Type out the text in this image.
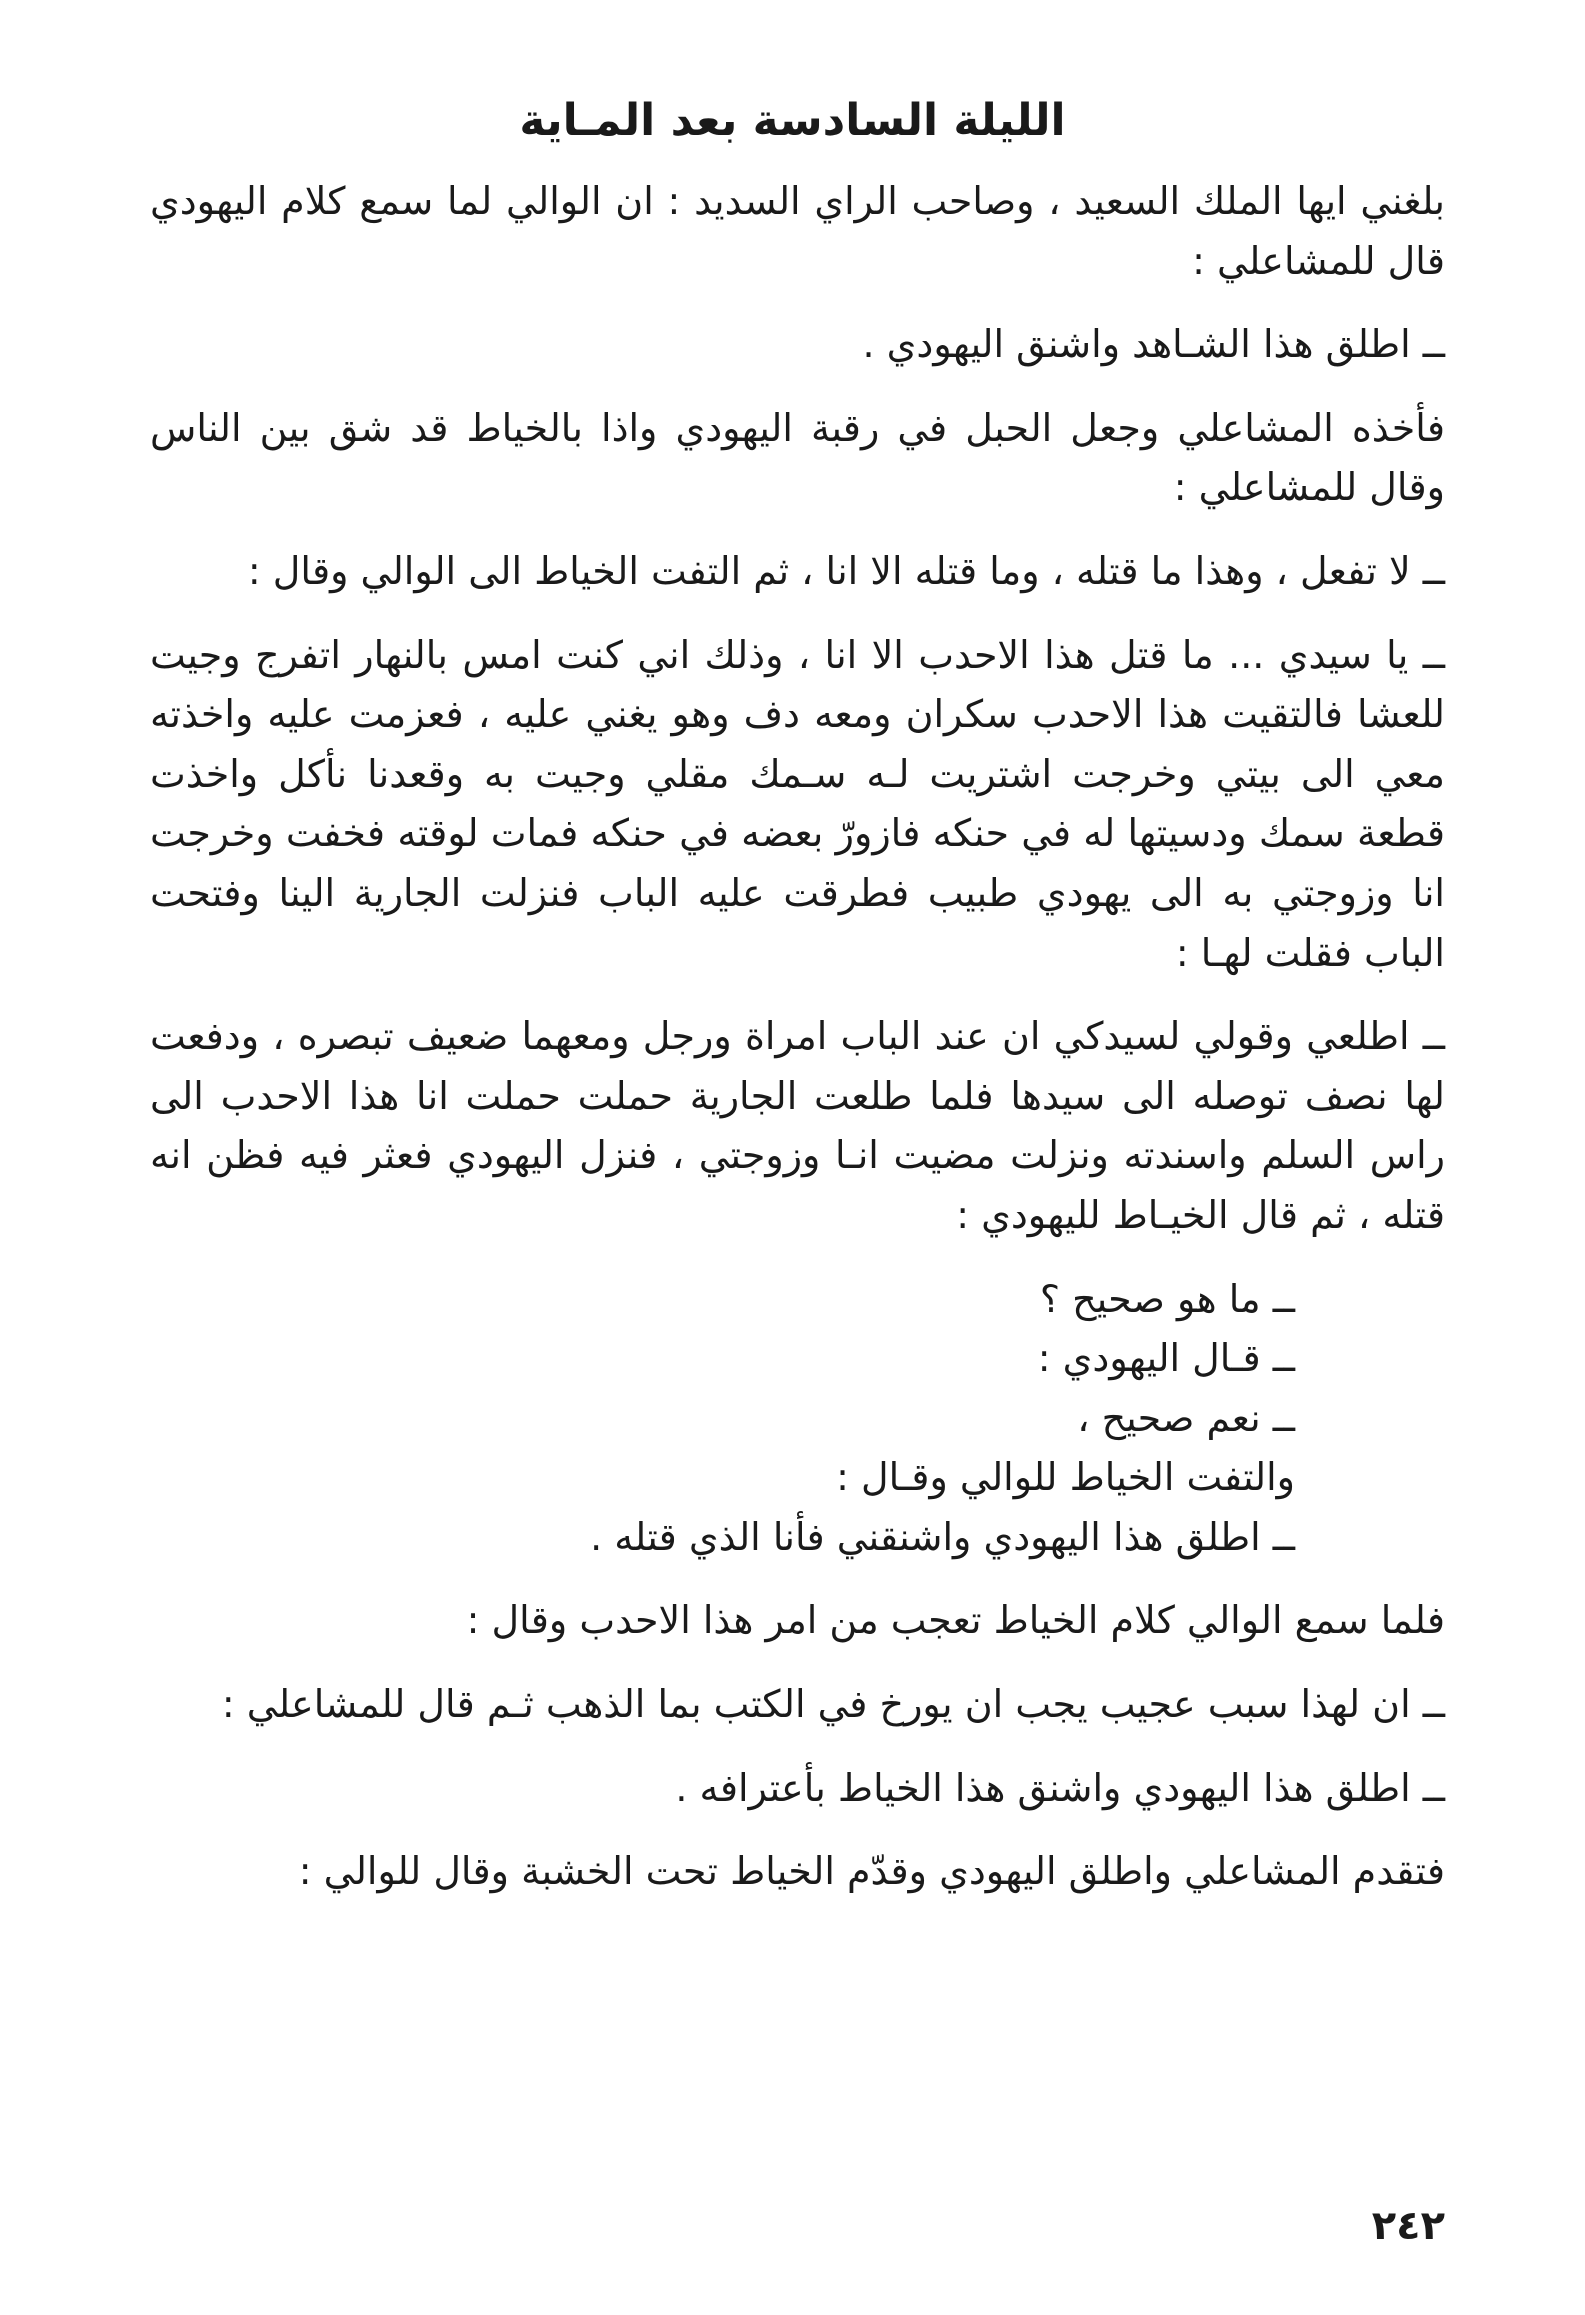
الليلة السادسة بعد المـاية

بلغني ايها الملك السعيد ، وصاحب الراي السديد : ان الوالي لما سمع كلام اليهودي قال للمشاعلي :

ــ اطلق هذا الشـاهد واشنق اليهودي .

فأخذه المشاعلي وجعل الحبل في رقبة اليهودي واذا بالخياط قد شق بين الناس وقال للمشاعلي :

ــ لا تفعل ، وهذا ما قتله ، وما قتله الا انا ، ثم التفت الخياط الى الوالي وقال :

ــ يا سيدي ... ما قتل هذا الاحدب الا انا ، وذلك اني كنت امس بالنهار اتفرج وجيت للعشا فالتقيت هذا الاحدب سكران ومعه دف وهو يغني عليه ، فعزمت عليه واخذته معي الى بيتي وخرجت اشتريت لـه سـمك مقلي وجيت به وقعدنا نأكل واخذت قطعة سمك ودسيتها له في حنكه فازورّ بعضه في حنكه فمات لوقته فخفت وخرجت انا وزوجتي به الى يهودي طبيب فطرقت عليه الباب فنزلت الجارية الينا وفتحت الباب فقلت لهـا :

ــ اطلعي وقولي لسيدكي ان عند الباب امراة ورجل ومعهما ضعيف تبصره ، ودفعت لها نصف توصله الى سيدها فلما طلعت الجارية حملت حملت انا هذا الاحدب الى راس السلم واسندته ونزلت مضيت انـا وزوجتي ، فنزل اليهودي فعثر فيه فظن انه قتله ، ثم قال الخيـاط لليهودي :

ــ ما هو صحيح ؟

ــ قـال اليهودي :

ــ نعم صحيح ،

والتفت الخياط للوالي وقـال :

ــ اطلق هذا اليهودي واشنقني فأنا الذي قتله .

فلما سمع الوالي كلام الخياط تعجب من امر هذا الاحدب وقال :

ــ ان لهذا سبب عجيب يجب ان يورخ في الكتب بما الذهب ثـم قال للمشاعلي :

ــ اطلق هذا اليهودي واشنق هذا الخياط بأعترافه .

فتقدم المشاعلي واطلق اليهودي وقدّم الخياط تحت الخشبة وقال للوالي :

٢٤٢
